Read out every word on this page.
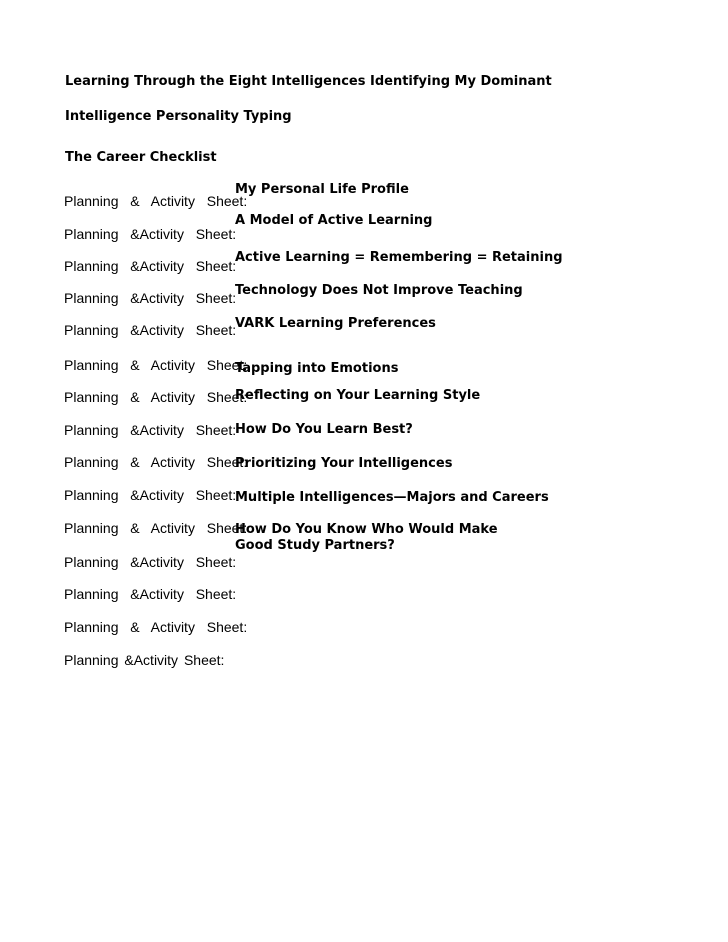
Learning Through the Eight Intelligences Identifying My Dominant
Intelligence Personality Typing
The Career Checklist
Planning  &  Activity  Sheet:
Planning  &Activity  Sheet:
Planning  &Activity  Sheet:
Planning  &Activity  Sheet:
Planning  &Activity  Sheet:
Planning  &  Activity  Sheet:
Planning  &  Activity  Sheet:
Planning  &Activity  Sheet:
Planning  &  Activity  Sheet:
Planning  &Activity  Sheet:
Planning  &  Activity  Sheet:
Planning  &Activity  Sheet:
Planning  &Activity  Sheet:
Planning  &  Activity  Sheet:
Planning &Activity Sheet:
My Personal Life Profile
A Model of Active Learning
Active Learning = Remembering = Retaining
Technology Does Not Improve Teaching
VARK Learning Preferences
Tapping into Emotions
Reflecting on Your Learning Style
How Do You Learn Best?
Prioritizing Your Intelligences
Multiple Intelligences—Majors and Careers
How Do You Know Who Would Make Good Study Partners?
